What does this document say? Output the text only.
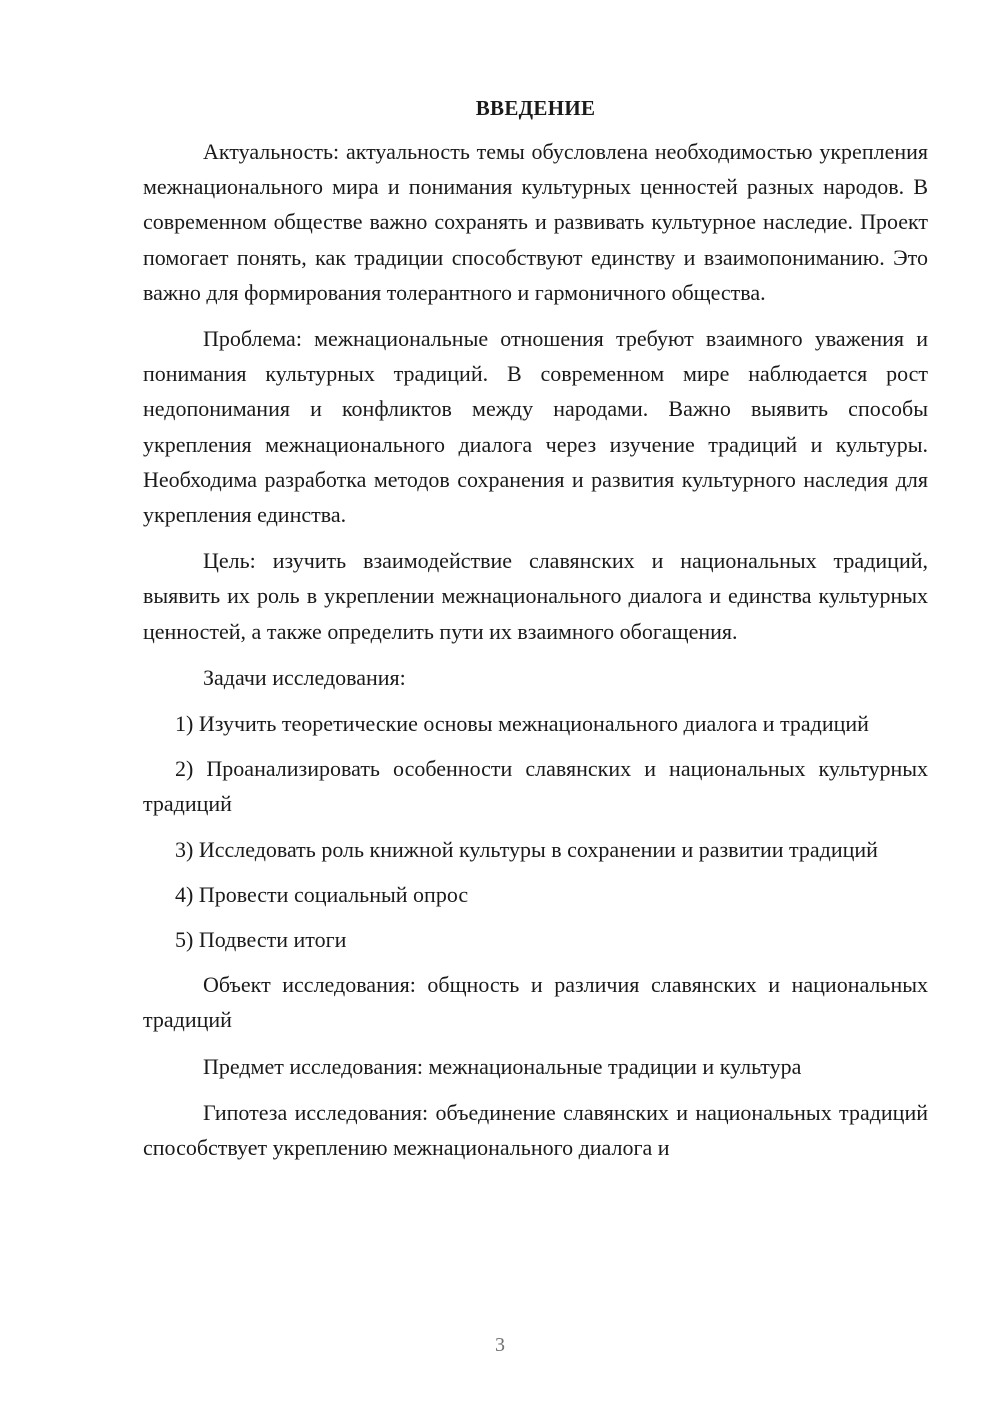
ВВЕДЕНИЕ
Актуальность: актуальность темы обусловлена необходимостью укрепления межнационального мира и понимания культурных ценностей разных народов. В современном обществе важно сохранять и развивать культурное наследие. Проект помогает понять, как традиции способствуют единству и взаимопониманию. Это важно для формирования толерантного и гармоничного общества.
Проблема: межнациональные отношения требуют взаимного уважения и понимания культурных традиций. В современном мире наблюдается рост недопонимания и конфликтов между народами. Важно выявить способы укрепления межнационального диалога через изучение традиций и культуры. Необходима разработка методов сохранения и развития культурного наследия для укрепления единства.
Цель: изучить взаимодействие славянских и национальных традиций, выявить их роль в укреплении межнационального диалога и единства культурных ценностей, а также определить пути их взаимного обогащения.
Задачи исследования:
1) Изучить теоретические основы межнационального диалога и традиций
2) Проанализировать особенности славянских и национальных культурных традиций
3) Исследовать роль книжной культуры в сохранении и развитии традиций
4) Провести социальный опрос
5) Подвести итоги
Объект исследования: общность и различия славянских и национальных традиций
Предмет исследования: межнациональные традиции и культура
Гипотеза исследования: объединение славянских и национальных традиций способствует укреплению межнационального диалога и
3
